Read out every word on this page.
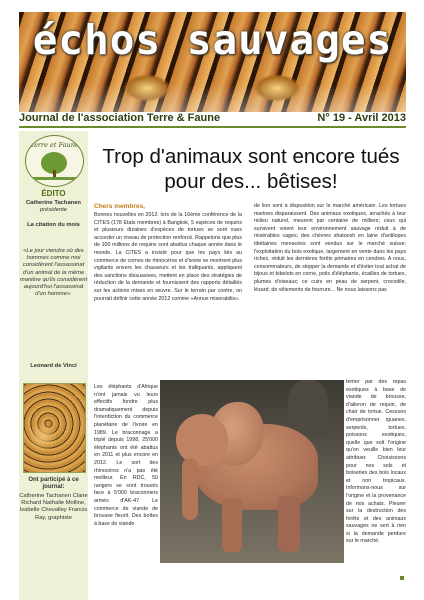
échos sauvages
Journal de l'association Terre & Faune	N° 19 - Avril 2013
Terre et Faune
ÉDITO
Catherine Tachanen
présidente
La citation du mois
«Le jour viendra où des hommes comme moi considèrent l'assassinat d'un animal de la même manière qu'ils considèrent aujourd'hui l'assassinat d'un homme».
Leonard de Vinci
Ont participé à ce journal:
Catherine Tachanen Claire Richard Nathalie Molline, Isabelle Chevalley Francis Ray, graphiste
Trop d'animaux sont encore tués pour des... bêtises!
Chers membres,
Bonnes nouvelles en 2012: lors de la 16ème conférence de la CITES (178 Etats membres) à Bangkok, 5 espèces de requins et plusieurs dizaines d'espèces de tortues se sont vues accorder un niveau de protection renforcé. Rappelons que plus de 100 millions de requins sont abattus chaque année dans le monde. La CITES a insisté pour que les pays liés au commerce de cornes de rhinocéros et d'ivoire se montrent plus vigilants envers les chasseurs et les trafiquants, appliquent des sanctions dissuasives, mettent en place des stratégies de réduction de la demande et fournissent des rapports détaillés sur les actions mises en œuvre. Sur le terrain par contre, on pourrait définir cette année 2012 comme «Annus miserabilis».
Les éléphants d'Afrique n'ont jamais vu leurs effectifs fondre plus dramatiquement depuis l'interdiction du commerce planétaire de l'ivoire en 1989. Le braconnage a triplé depuis 1998, 25'000 éléphants ont été abattus en 2011 et plus encore en 2012. Le sort des rhinocéros n'a pas été meilleur. En RDC, 50 rangers se sont trouvés face à 5'000 braconniers armés d'AK-47. Le commerce de viande de brousse fleurit. Des boîtes à base de viande
de lion sont à disposition sur le marché américain. Les tortues marines disparaissent. Des animaux exotiques, arrachés à leur milieu naturel, meurent par centaine de milliers; ceux qui survivent voient leur environnement sauvage réduit à de misérables cages; des chèvres shatoosh en laine d'antilopes tibétaines menacées sont vendus sur le marché suisse; l'exploitation du bois exotique, largement en vente dans les pays riches, réduit les dernières forêts primaires en cendres. A nous, consommateurs, de stopper la demande et d'éviter tout achat de bijoux et bibelots en corne, poils d'éléphants, écailles de tortues, plumes d'oiseaux; ce cuirs en peau de serpent, crocodile, lézard; de vêtements de fourrure... Ne nous laissons pas
tenter par des repas exotiques à base de viande de brousse, d'aileron de requin, de chair de tortue. Cessons d'emprisonner iguanes, serpents, tortues, poissons exotiques, quelle que soit l'origine qu'on veuille bien leur attribuer. Choisissons pour nos sols et boiseries des bois locaux et non tropicaux. Informons-nous sur l'origine et la provenance de nos achats. Pleurer sur la destruction des forêts et des animaux sauvages ne sert à rien si la demande perdure sur le marché.
